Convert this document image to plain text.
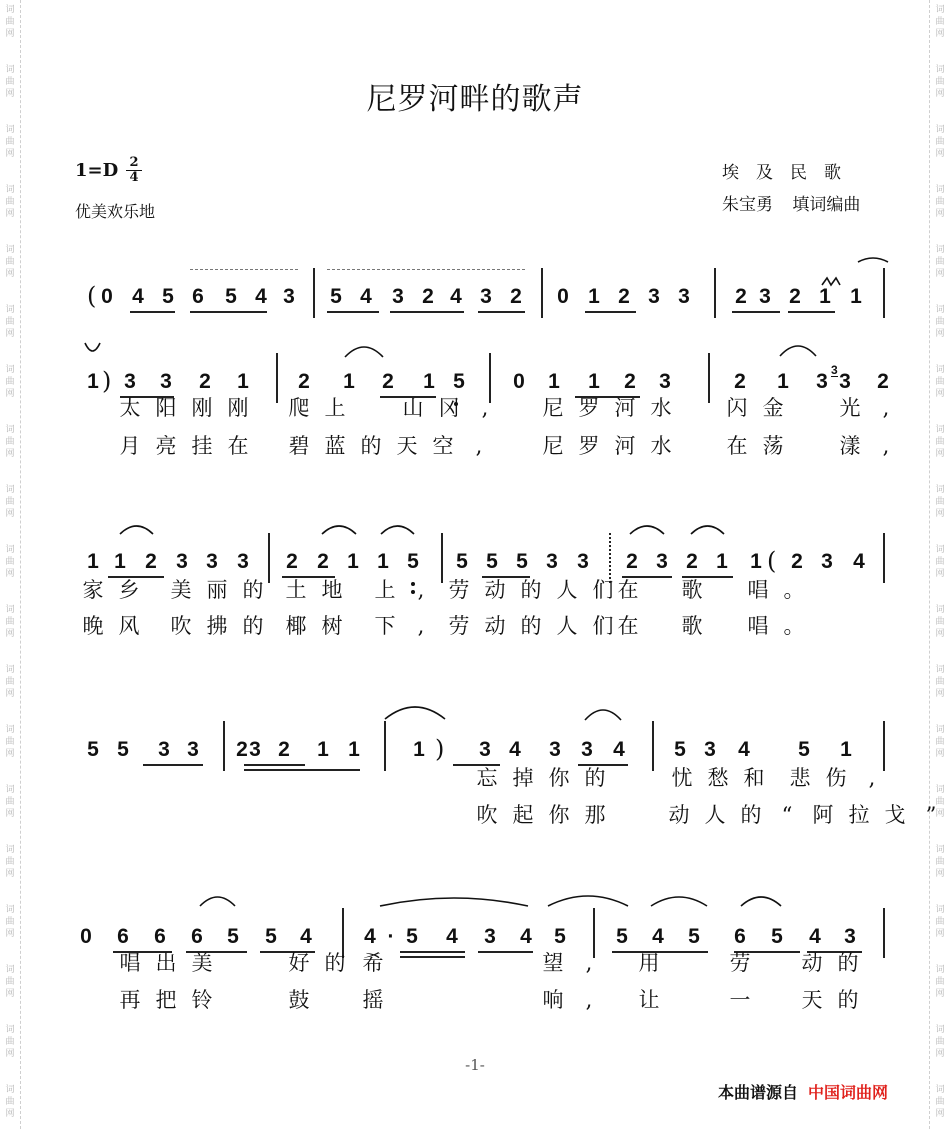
词曲网
词曲网
词曲网
词曲网
词曲网
词曲网
词曲网
词曲网
词曲网
词曲网
词曲网
词曲网
词曲网
词曲网
词曲网
词曲网
词曲网
词曲网
词曲网
词曲网
词曲网
词曲网
词曲网
词曲网
词曲网
词曲网
词曲网
词曲网
词曲网
词曲网
词曲网
词曲网
词曲网
词曲网
词曲网
词曲网
词曲网
词曲网
尼罗河畔的歌声
$1=D \frac{2}{4}$
优美欢乐地
埃及民歌
朱宝勇 填词编曲
( 0 4 5 6 5 4 3 5 4 3 2 4 3 2 0 1 2 3 3 2 3 2 1 1
1 ) 3 3 2 1 2 1 2 1 5 0 1 1 2 3	2 1 3 3 2
1 1 2 3 3 3 2 2 1 1 5 5 5 5 3 3 2 3 2 1 1 ( 2 3 4
5 5 3 3 2 3 2 1 1	1 ) 3 4 3 3 4 5 3 4 5 1
0 6 6 6 5 5 4 4 · 5 4 3 4 5 5 4 5 6 5 4 3
3
太 阳 刚 刚 爬 上	山 冈	,	尼 罗 河 水	闪 金	光	,
月 亮 挂 在 碧 蓝 的 天 空	,	尼 罗 河 水	在 荡	漾	,
家 乡 美 丽 的 土 地 上	,	劳 动 的 人 们 在 歌 唱 。
晚 风 吹 拂 的 椰 树 下	,	劳 动 的 人 们 在 歌 唱 。
忘 掉 你 的	忧 愁 和 悲 伤	,
吹 起 你 那	动 人 的 “ 阿 拉 戈 ”
唱 出 美	好 的 希	望	,	用	劳 动 的
再 把 铃	鼓	摇	响	,	让	一 天 的
-1-
本曲谱源自 中国词曲网
